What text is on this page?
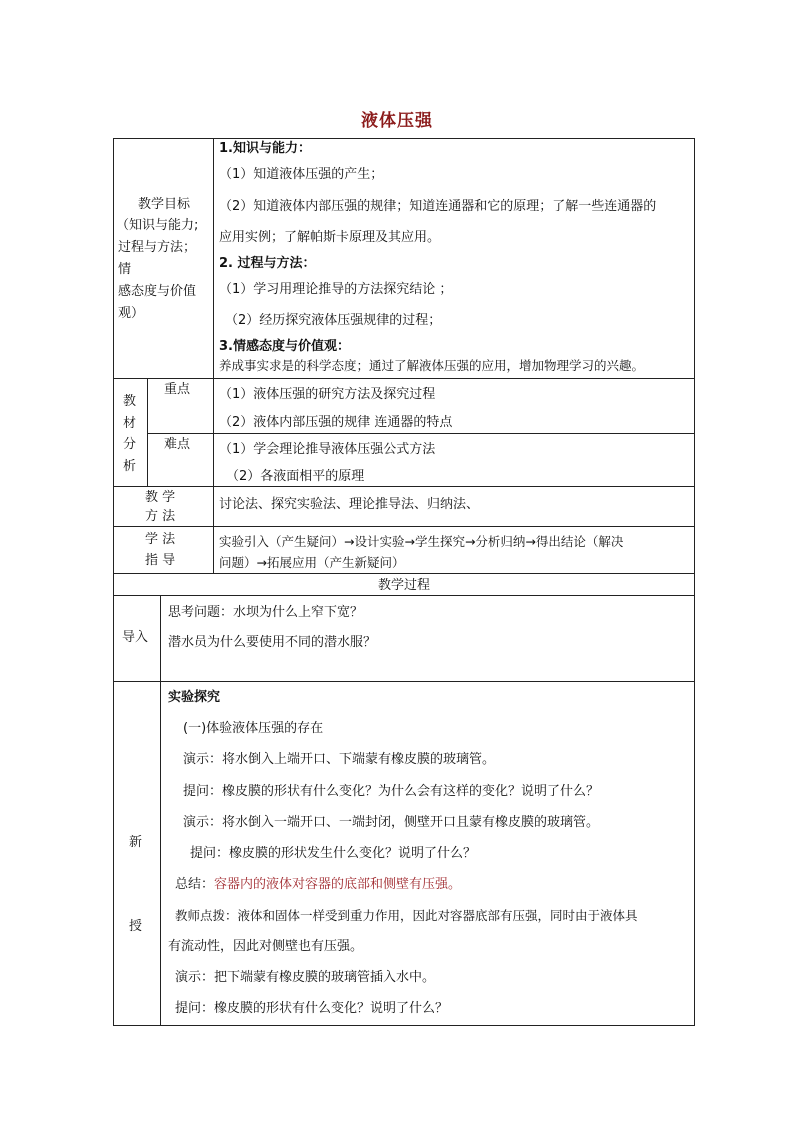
液体压强
教学目标
（知识与能力;
过程与方法；
情
感态度与价值
观）
1.知识与能力：
（1）知道液体压强的产生；
（2）知道液体内部压强的规律；知道连通器和它的原理；了解一些连通器的
应用实例；了解帕斯卡原理及其应用。
2. 过程与方法：
（1）学习用理论推导的方法探究结论 ；
（2）经历探究液体压强规律的过程；
3.情感态度与价值观：
养成事实求是的科学态度；通过了解液体压强的应用，增加物理学习的兴趣。
教
材
分
析
重点 （1）液体压强的研究方法及探究过程
（2）液体内部压强的规律 连通器的特点
难点 （1）学会理论推导液体压强公式方法
（2）各液面相平的原理
教 学
方 法
讨论法、探究实验法、理论推导法、归纳法、
学 法
指 导
实验引入（产生疑问）→设计实验→学生探究→分析归纳→得出结论（解决
问题）→拓展应用（产生新疑问）
教学过程
导入
思考问题：水坝为什么上窄下宽？
潜水员为什么要使用不同的潜水服？
新
授
实验探究
(一)体验液体压强的存在
演示：将水倒入上端开口、下端蒙有橡皮膜的玻璃管。
提问：橡皮膜的形状有什么变化？为什么会有这样的变化？说明了什么？
演示：将水倒入一端开口、一端封闭，侧壁开口且蒙有橡皮膜的玻璃管。
提问：橡皮膜的形状发生什么变化？说明了什么？
总结：容器内的液体对容器的底部和侧壁有压强。
教师点拨：液体和固体一样受到重力作用，因此对容器底部有压强，同时由于液体具
有流动性，因此对侧壁也有压强。
演示：把下端蒙有橡皮膜的玻璃管插入水中。
提问：橡皮膜的形状有什么变化？说明了什么？
